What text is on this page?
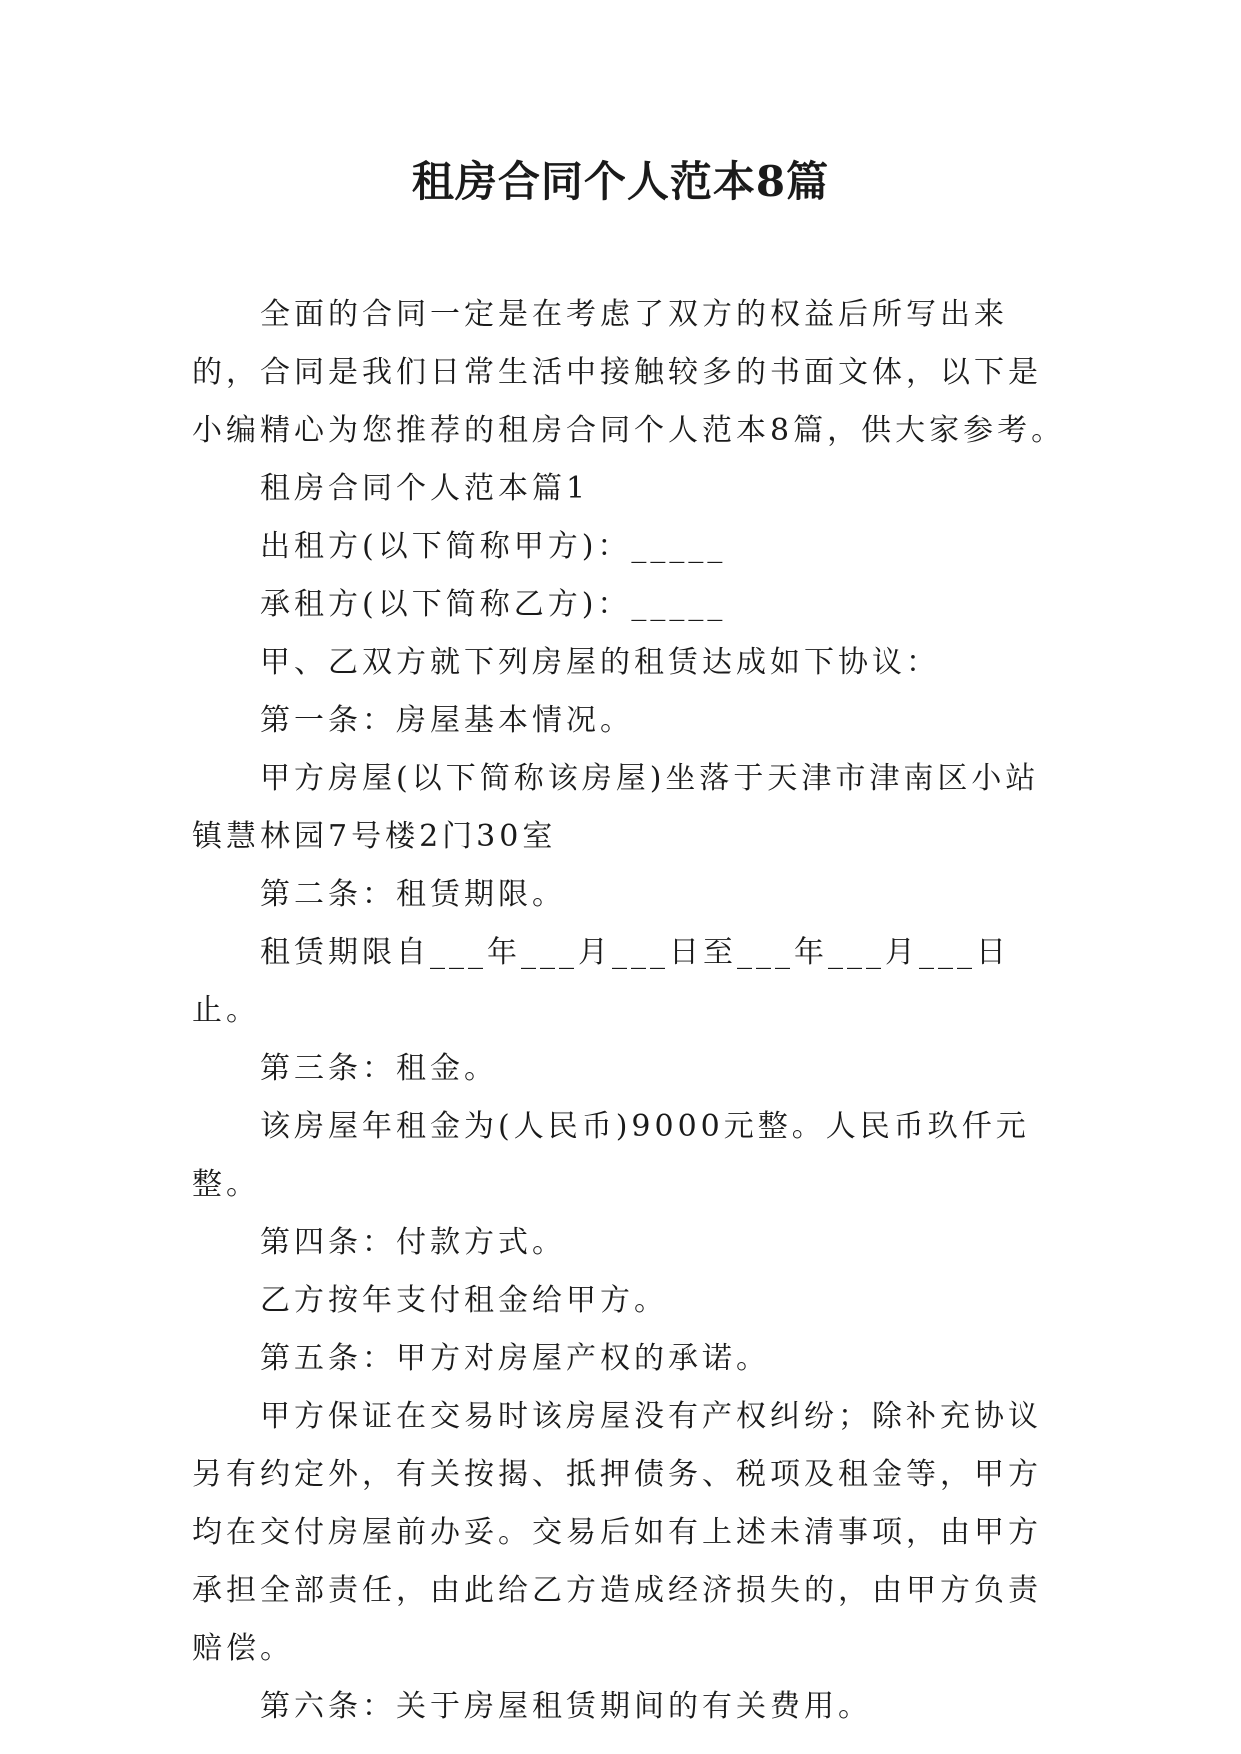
租房合同个人范本8篇

全面的合同一定是在考虑了双方的权益后所写出来的，合同是我们日常生活中接触较多的书面文体，以下是小编精心为您推荐的租房合同个人范本8篇，供大家参考。

租房合同个人范本篇1

出租方(以下简称甲方)：_____

承租方(以下简称乙方)：_____

甲、乙双方就下列房屋的租赁达成如下协议：

第一条：房屋基本情况。

甲方房屋(以下简称该房屋)坐落于天津市津南区小站镇慧林园7号楼2门30室

第二条：租赁期限。

租赁期限自___年___月___日至___年___月___日止。

第三条：租金。

该房屋年租金为(人民币)9000元整。人民币玖仟元整。

第四条：付款方式。

乙方按年支付租金给甲方。

第五条：甲方对房屋产权的承诺。

甲方保证在交易时该房屋没有产权纠纷；除补充协议另有约定外，有关按揭、抵押债务、税项及租金等，甲方均在交付房屋前办妥。交易后如有上述未清事项，由甲方承担全部责任，由此给乙方造成经济损失的，由甲方负责赔偿。

第六条：关于房屋租赁期间的有关费用。
